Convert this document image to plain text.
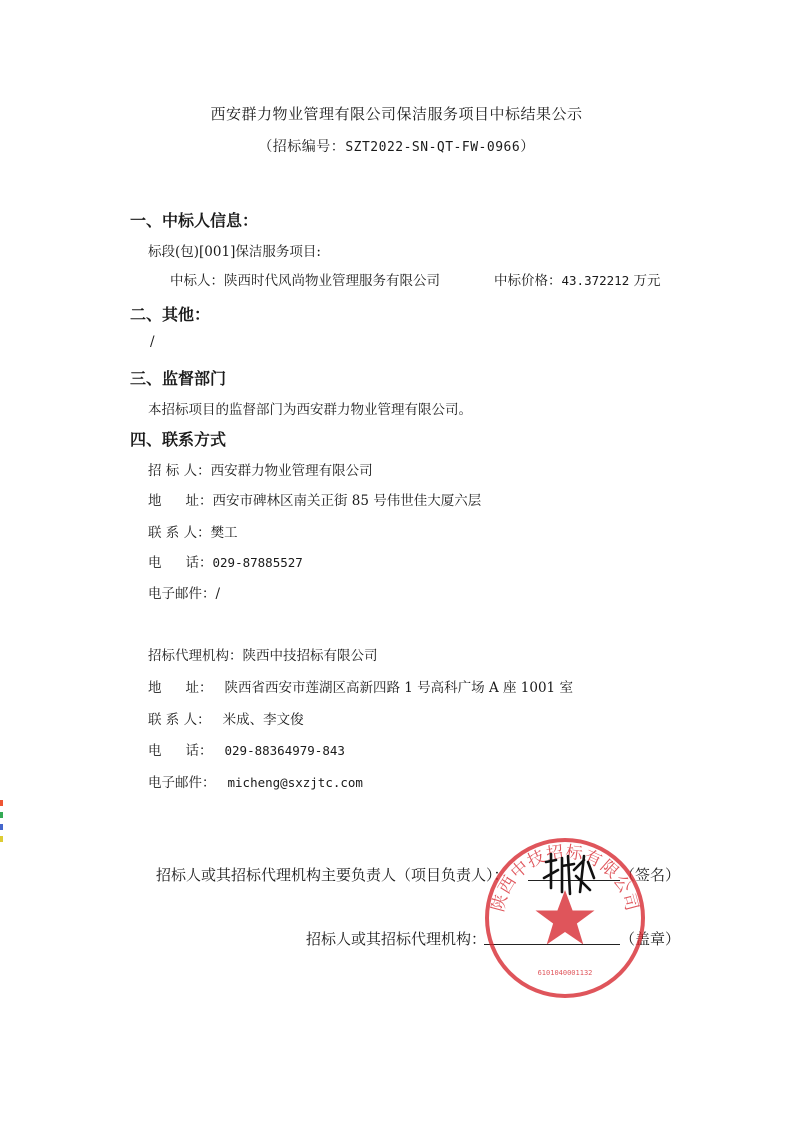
西安群力物业管理有限公司保洁服务项目中标结果公示
（招标编号：SZT2022-SN-QT-FW-0966）
一、中标人信息：
标段(包)[001]保洁服务项目:
中标人：陕西时代风尚物业管理服务有限公司	中标价格：43.372212 万元
二、其他：
/
三、监督部门
本招标项目的监督部门为西安群力物业管理有限公司。
四、联系方式
招 标 人：西安群力物业管理有限公司
地 址：西安市碑林区南关正街 85 号伟世佳大厦六层
联 系 人：樊工
电 话：029-87885527
电子邮件：/
招标代理机构：陕西中技招标有限公司
地 址： 陕西省西安市莲湖区高新四路 1 号高科广场 A 座 1001 室
联 系 人： 米成、李文俊
电 话： 029-88364979-843
电子邮件： micheng@sxzjtc.com
招标人或其招标代理机构主要负责人（项目负责人）：	（签名）
招标人或其招标代理机构：	（盖章）
陕西中技招标有限公司
6101040001132
